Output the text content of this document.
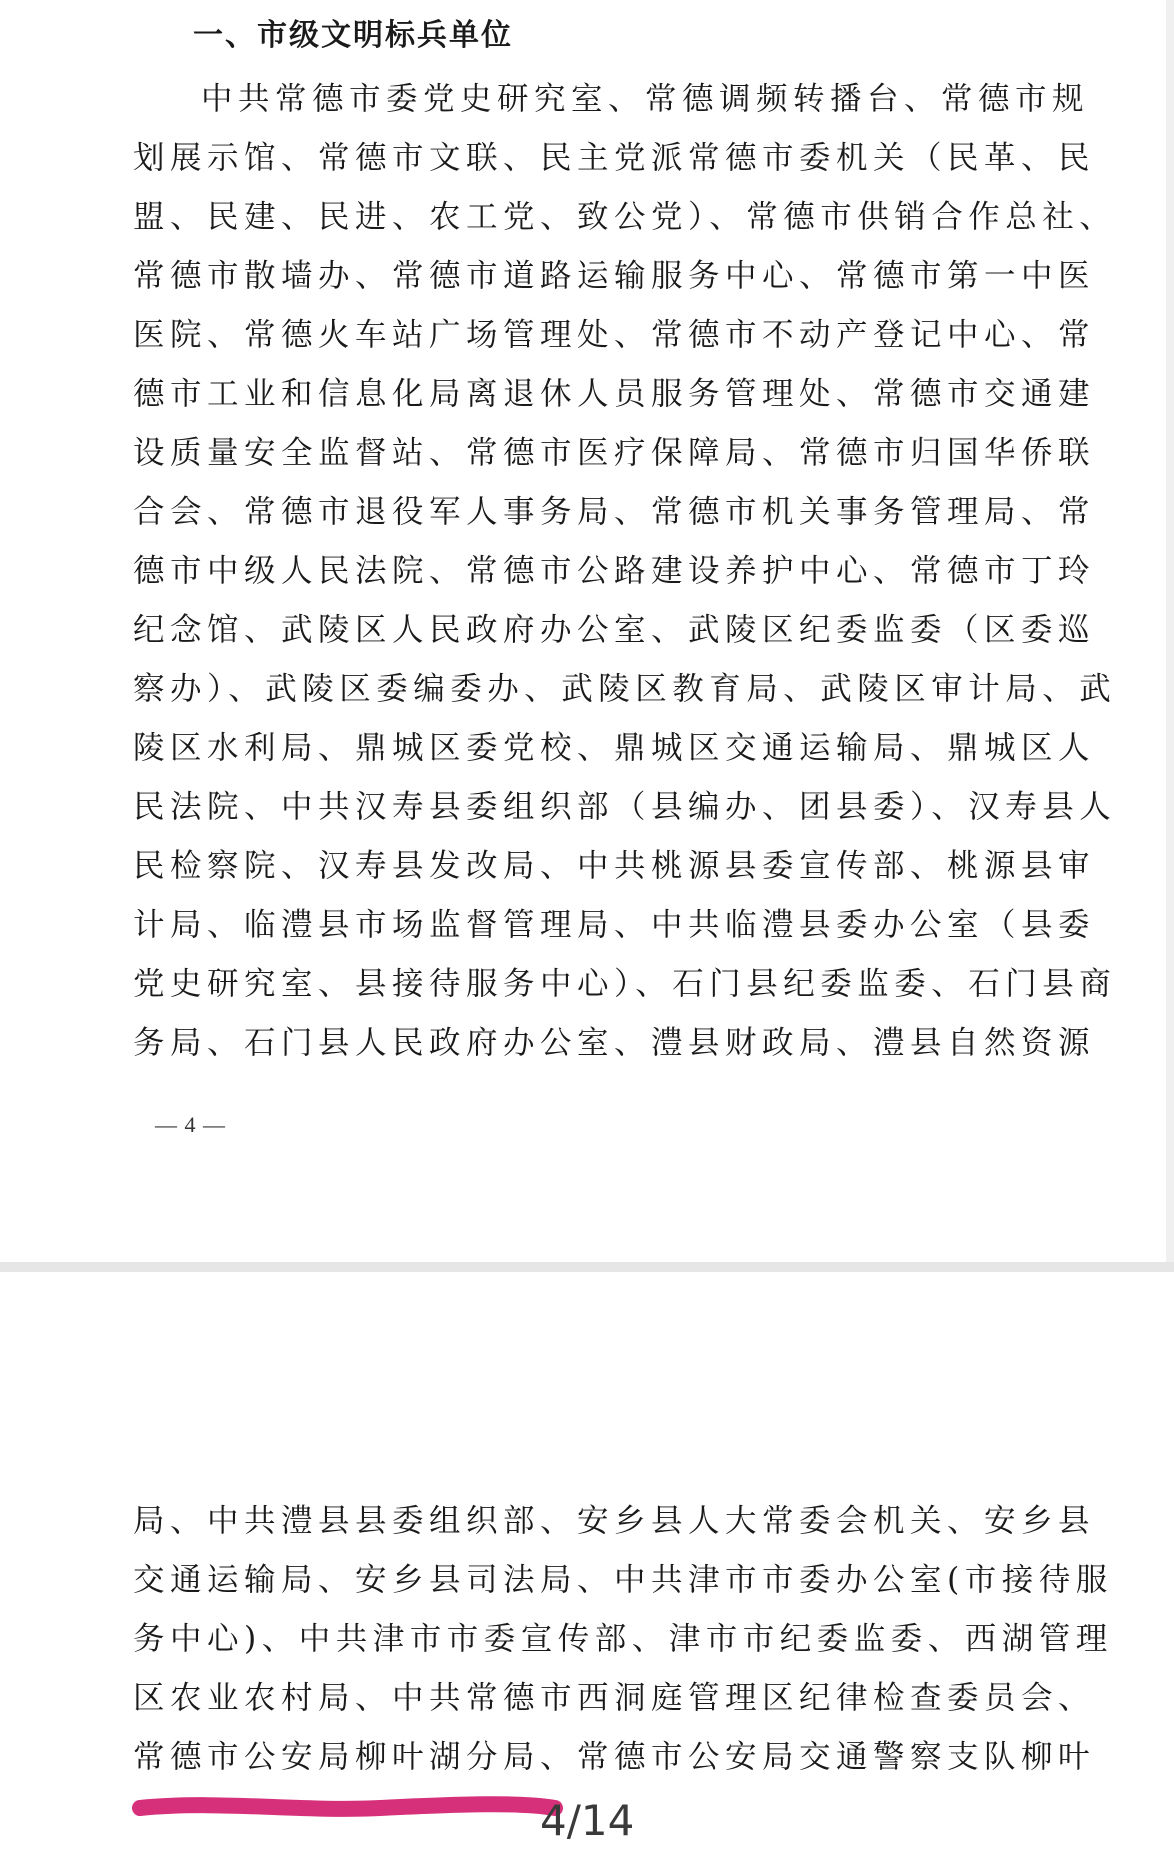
一、市级文明标兵单位
中共常德市委党史研究室、常德调频转播台、常德市规
划展示馆、常德市文联、民主党派常德市委机关（民革、民
盟、民建、民进、农工党、致公党）、常德市供销合作总社、
常德市散墙办、常德市道路运输服务中心、常德市第一中医
医院、常德火车站广场管理处、常德市不动产登记中心、常
德市工业和信息化局离退休人员服务管理处、常德市交通建
设质量安全监督站、常德市医疗保障局、常德市归国华侨联
合会、常德市退役军人事务局、常德市机关事务管理局、常
德市中级人民法院、常德市公路建设养护中心、常德市丁玲
纪念馆、武陵区人民政府办公室、武陵区纪委监委（区委巡
察办）、武陵区委编委办、武陵区教育局、武陵区审计局、武
陵区水利局、鼎城区委党校、鼎城区交通运输局、鼎城区人
民法院、中共汉寿县委组织部（县编办、团县委）、汉寿县人
民检察院、汉寿县发改局、中共桃源县委宣传部、桃源县审
计局、临澧县市场监督管理局、中共临澧县委办公室（县委
党史研究室、县接待服务中心）、石门县纪委监委、石门县商
务局、石门县人民政府办公室、澧县财政局、澧县自然资源
— 4 —
局、中共澧县县委组织部、安乡县人大常委会机关、安乡县
交通运输局、安乡县司法局、中共津市市委办公室(市接待服
务中心)、中共津市市委宣传部、津市市纪委监委、西湖管理
区农业农村局、中共常德市西洞庭管理区纪律检查委员会、
常德市公安局柳叶湖分局、常德市公安局交通警察支队柳叶
4/14
